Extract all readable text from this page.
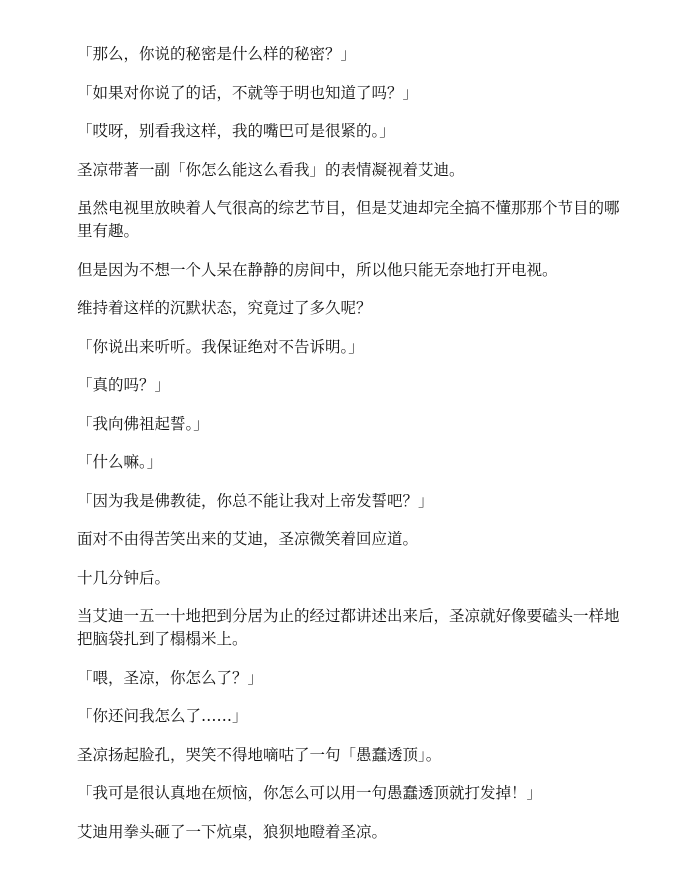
「那么，你说的秘密是什么样的秘密？」

「如果对你说了的话，不就等于明也知道了吗？」

「哎呀，别看我这样，我的嘴巴可是很紧的。」

圣凉带著一副「你怎么能这么看我」的表情凝视着艾迪。

虽然电视里放映着人气很高的综艺节目，但是艾迪却完全搞不懂那那个节目的哪里有趣。

但是因为不想一个人呆在静静的房间中，所以他只能无奈地打开电视。

维持着这样的沉默状态，究竟过了多久呢？

「你说出来听听。我保证绝对不告诉明。」

「真的吗？」

「我向佛祖起誓。」

「什么嘛。」

「因为我是佛教徒，你总不能让我对上帝发誓吧？」

面对不由得苦笑出来的艾迪，圣凉微笑着回应道。

十几分钟后。

当艾迪一五一十地把到分居为止的经过都讲述出来后，圣凉就好像要磕头一样地把脑袋扎到了榻榻米上。

「喂，圣凉，你怎么了？」

「你还问我怎么了……」

圣凉扬起脸孔，哭笑不得地嘀咕了一句「愚蠢透顶」。

「我可是很认真地在烦恼，你怎么可以用一句愚蠢透顶就打发掉！」

艾迪用拳头砸了一下炕桌，狼狈地瞪着圣凉。
